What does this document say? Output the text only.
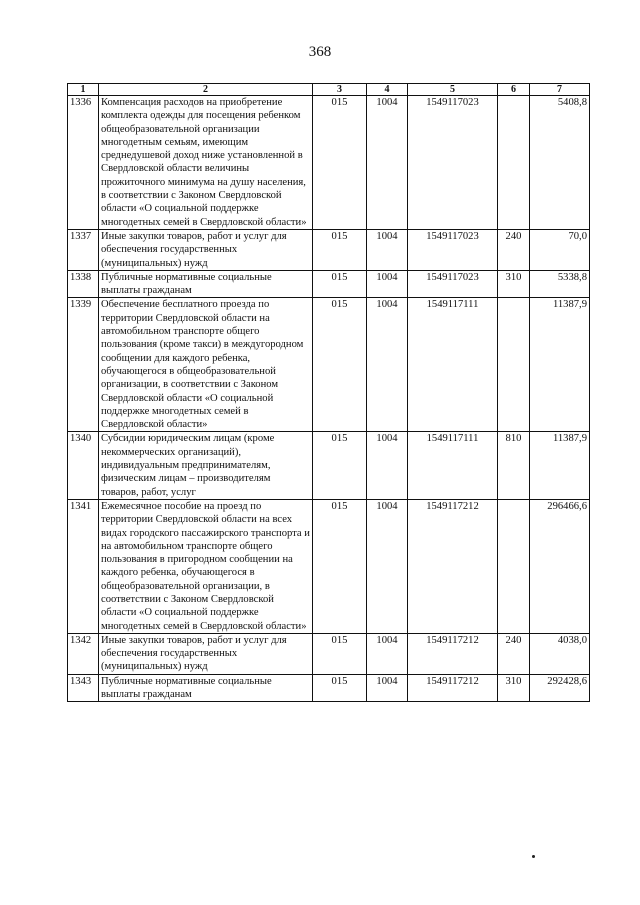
368
1	2	3	4	5	6	7
1336	Компенсация расходов на приобретение комплекта одежды для посещения ребенком общеобразовательной организации многодетным семьям, имеющим среднедушевой доход ниже установленной в Свердловской области величины прожиточного минимума на душу населения, в соответствии с Законом Свердловской области «О социальной поддержке многодетных семей в Свердловской области»	015	1004	1549117023		5408,8
1337	Иные закупки товаров, работ и услуг для обеспечения государственных (муниципальных) нужд	015	1004	1549117023	240	70,0
1338	Публичные нормативные социальные выплаты гражданам	015	1004	1549117023	310	5338,8
1339	Обеспечение бесплатного проезда по территории Свердловской области на автомобильном транспорте общего пользования (кроме такси) в междугородном сообщении для каждого ребенка, обучающегося в общеобразовательной организации, в соответствии с Законом Свердловской области «О социальной поддержке многодетных семей в Свердловской области»	015	1004	1549117111		11387,9
1340	Субсидии юридическим лицам (кроме некоммерческих организаций), индивидуальным предпринимателям, физическим лицам – производителям товаров, работ, услуг	015	1004	1549117111	810	11387,9
1341	Ежемесячное пособие на проезд по территории Свердловской области на всех видах городского пассажирского транспорта и на автомобильном транспорте общего пользования в пригородном сообщении на каждого ребенка, обучающегося в общеобразовательной организации, в соответствии с Законом Свердловской области «О социальной поддержке многодетных семей в Свердловской области»	015	1004	1549117212		296466,6
1342	Иные закупки товаров, работ и услуг для обеспечения государственных (муниципальных) нужд	015	1004	1549117212	240	4038,0
1343	Публичные нормативные социальные выплаты гражданам	015	1004	1549117212	310	292428,6
